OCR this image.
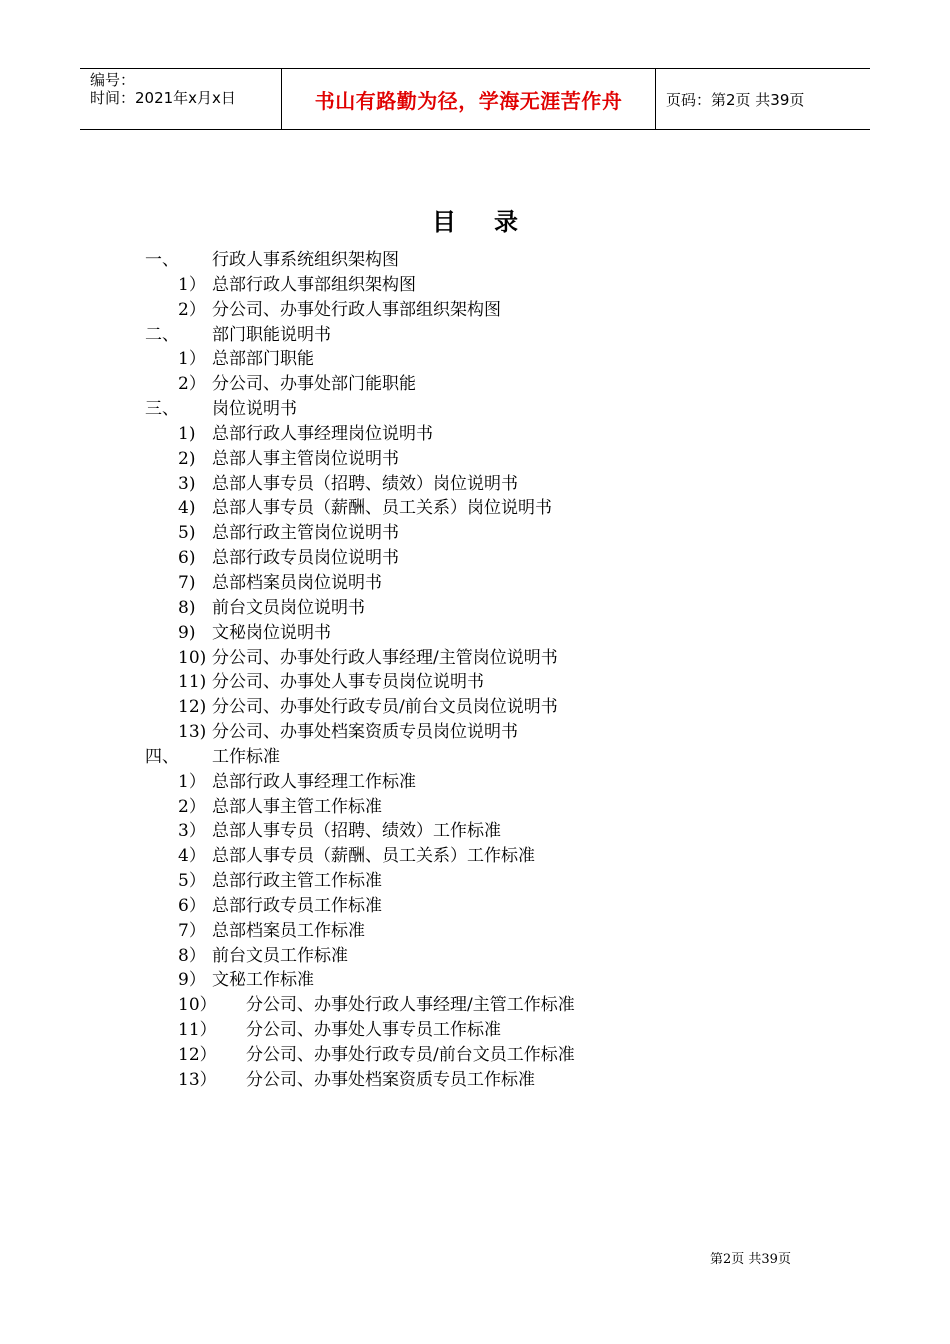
编号：
时间：2021年x月x日	书山有路勤为径，学海无涯苦作舟	页码：第2页 共39页
目 录
一、 行政人事系统组织架构图
1） 总部行政人事部组织架构图
2） 分公司、办事处行政人事部组织架构图
二、 部门职能说明书
1） 总部部门职能
2） 分公司、办事处部门能职能
三、 岗位说明书
1) 总部行政人事经理岗位说明书
2) 总部人事主管岗位说明书
3) 总部人事专员（招聘、绩效）岗位说明书
4) 总部人事专员（薪酬、员工关系）岗位说明书
5) 总部行政主管岗位说明书
6) 总部行政专员岗位说明书
7) 总部档案员岗位说明书
8) 前台文员岗位说明书
9) 文秘岗位说明书
10) 分公司、办事处行政人事经理/主管岗位说明书
11) 分公司、办事处人事专员岗位说明书
12) 分公司、办事处行政专员/前台文员岗位说明书
13) 分公司、办事处档案资质专员岗位说明书
四、 工作标准
1） 总部行政人事经理工作标准
2） 总部人事主管工作标准
3） 总部人事专员（招聘、绩效）工作标准
4） 总部人事专员（薪酬、员工关系）工作标准
5） 总部行政主管工作标准
6） 总部行政专员工作标准
7） 总部档案员工作标准
8） 前台文员工作标准
9） 文秘工作标准
10） 分公司、办事处行政人事经理/主管工作标准
11） 分公司、办事处人事专员工作标准
12） 分公司、办事处行政专员/前台文员工作标准
13） 分公司、办事处档案资质专员工作标准
第2页 共39页
